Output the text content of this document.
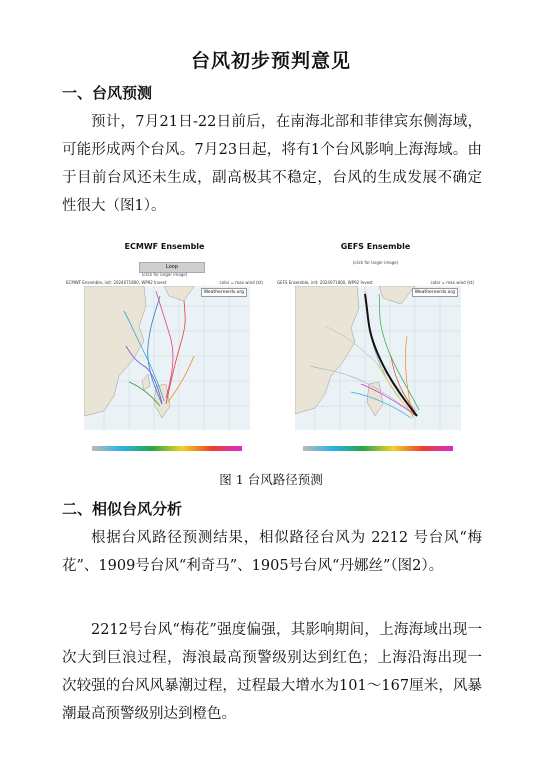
台风初步预判意见
一、台风预测
预计，7月21日-22日前后，在南海北部和菲律宾东侧海域，可能形成两个台风。7月23日起，将有1个台风影响上海海域。由于目前台风还未生成，副高极其不稳定，台风的生成发展不确定性很大（图1）。
ECMWF Ensemble
Loop
(click for larger image)
ECMWF Ensemble, init: 2024071800, WP92 Invest	color = max wind (kt)
Weathernerds.org
GEFS Ensemble
(click for larger image)
GEFS Ensemble, init: 2024071800, WP92 Invest	color = max wind (kt)
Weathernerds.org
图 1 台风路径预测
二、相似台风分析
根据台风路径预测结果，相似路径台风为 2212 号台风“梅花”、1909号台风“利奇马”、1905号台风“丹娜丝”（图2）。
2212号台风“梅花”强度偏强，其影响期间，上海海域出现一次大到巨浪过程，海浪最高预警级别达到红色；上海沿海出现一次较强的台风风暴潮过程，过程最大增水为101～167厘米，风暴潮最高预警级别达到橙色。
